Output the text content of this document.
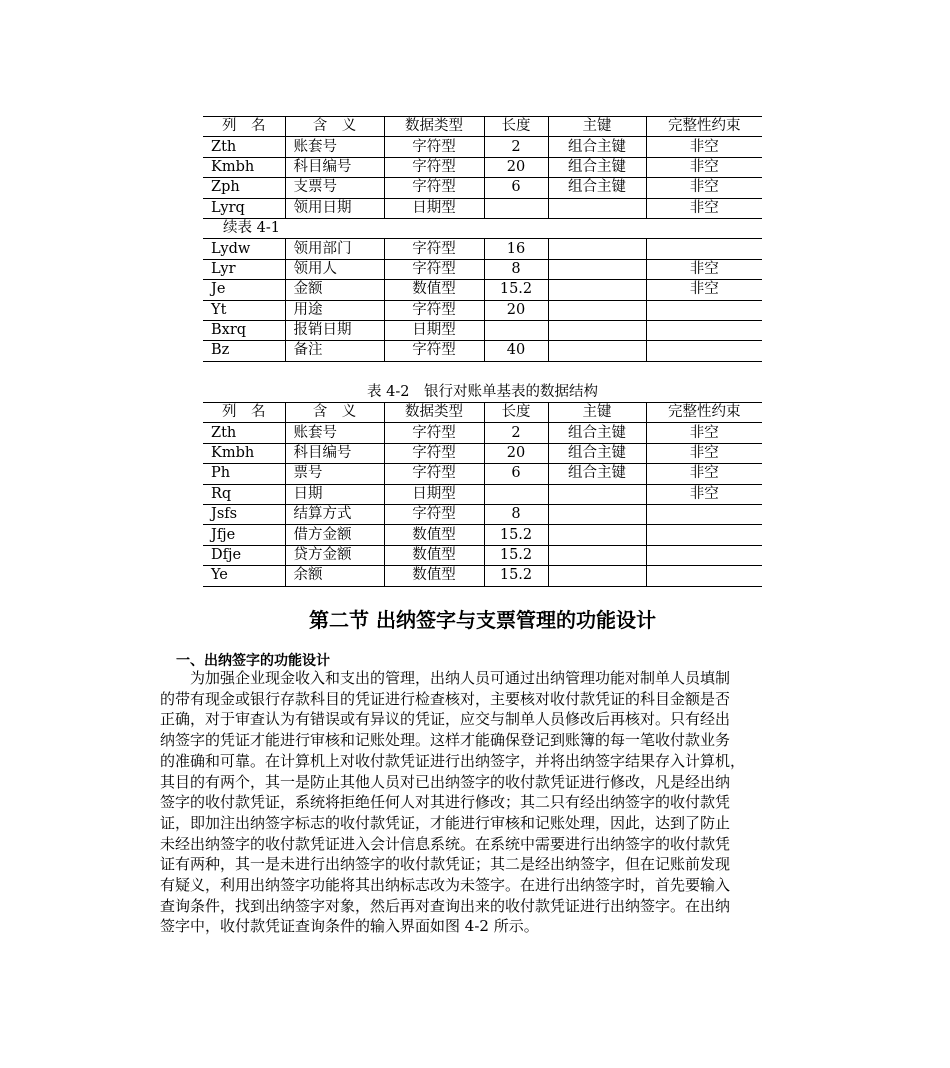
列　名	含　义	数据类型	长度	主键	完整性约束
Zth	账套号	字符型	2	组合主键	非空
Kmbh	科目编号	字符型	20	组合主键	非空
Zph	支票号	字符型	6	组合主键	非空
Lyrq	领用日期	日期型			非空
续表 4-1					
Lydw	领用部门	字符型	16		
Lyr	领用人	字符型	8		非空
Je	金额	数值型	15.2		非空
Yt	用途	字符型	20		
Bxrq	报销日期	日期型			
Bz	备注	字符型	40		
表 4-2　银行对账单基表的数据结构
列　名	含　义	数据类型	长度	主键	完整性约束
Zth	账套号	字符型	2	组合主键	非空
Kmbh	科目编号	字符型	20	组合主键	非空
Ph	票号	字符型	6	组合主键	非空
Rq	日期	日期型			非空
Jsfs	结算方式	字符型	8		
Jfje	借方金额	数值型	15.2		
Dfje	贷方金额	数值型	15.2		
Ye	余额	数值型	15.2		
第二节 出纳签字与支票管理的功能设计
一、出纳签字的功能设计
为加强企业现金收入和支出的管理，出纳人员可通过出纳管理功能对制单人员填制
的带有现金或银行存款科目的凭证进行检查核对，主要核对收付款凭证的科目金额是否
正确，对于审查认为有错误或有异议的凭证，应交与制单人员修改后再核对。只有经出
纳签字的凭证才能进行审核和记账处理。这样才能确保登记到账簿的每一笔收付款业务
的准确和可靠。在计算机上对收付款凭证进行出纳签字，并将出纳签字结果存入计算机，
其目的有两个，其一是防止其他人员对已出纳签字的收付款凭证进行修改，凡是经出纳
签字的收付款凭证，系统将拒绝任何人对其进行修改；其二只有经出纳签字的收付款凭
证，即加注出纳签字标志的收付款凭证，才能进行审核和记账处理，因此，达到了防止
未经出纳签字的收付款凭证进入会计信息系统。在系统中需要进行出纳签字的收付款凭
证有两种，其一是未进行出纳签字的收付款凭证；其二是经出纳签字，但在记账前发现
有疑义，利用出纳签字功能将其出纳标志改为未签字。在进行出纳签字时，首先要输入
查询条件，找到出纳签字对象，然后再对查询出来的收付款凭证进行出纳签字。在出纳
签字中，收付款凭证查询条件的输入界面如图 4-2 所示。
